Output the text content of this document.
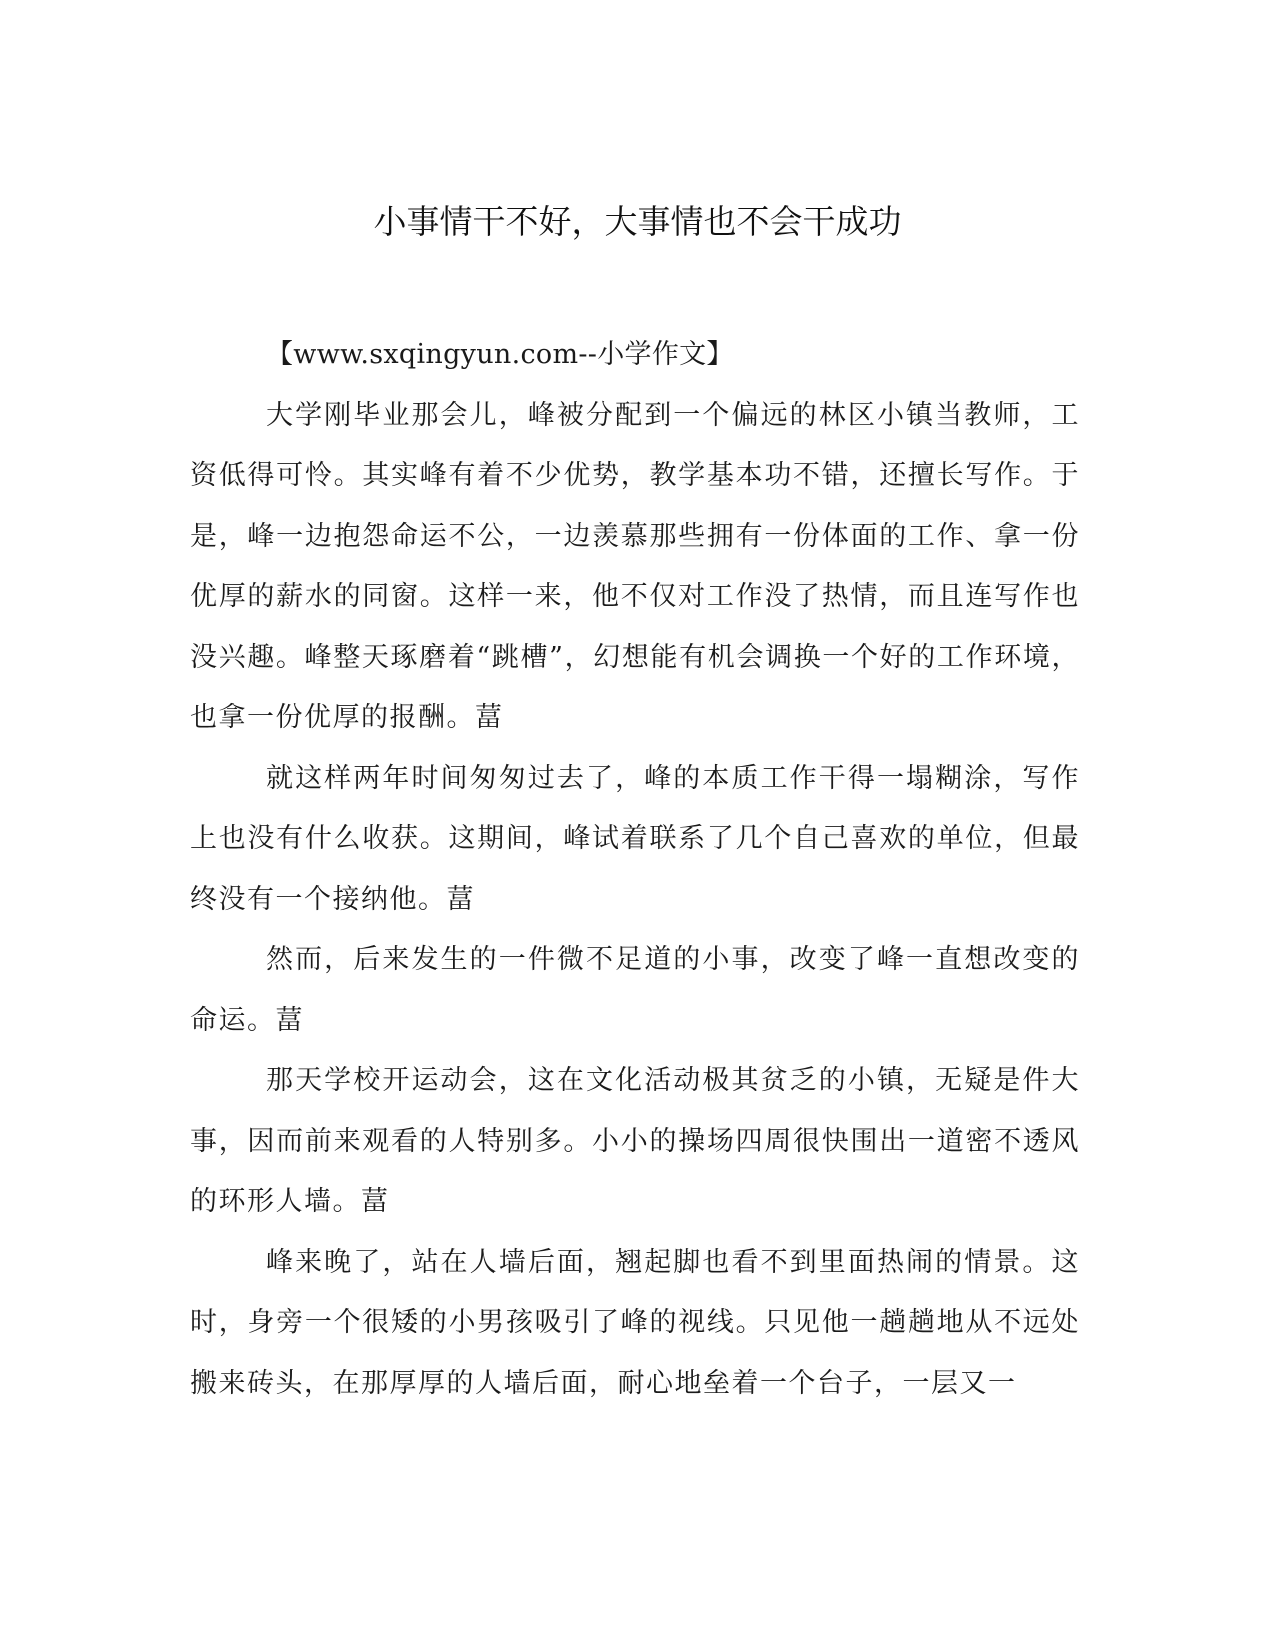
小事情干不好，大事情也不会干成功

【www.sxqingyun.com--小学作文】

大学刚毕业那会儿，峰被分配到一个偏远的林区小镇当教师，工资低得可怜。其实峰有着不少优势，教学基本功不错，还擅长写作。于是，峰一边抱怨命运不公，一边羡慕那些拥有一份体面的工作、拿一份优厚的薪水的同窗。这样一来，他不仅对工作没了热情，而且连写作也没兴趣。峰整天琢磨着“跳槽”，幻想能有机会调换一个好的工作环境，也拿一份优厚的报酬。葍

就这样两年时间匆匆过去了，峰的本质工作干得一塌糊涂，写作上也没有什么收获。这期间，峰试着联系了几个自己喜欢的单位，但最终没有一个接纳他。葍

然而，后来发生的一件微不足道的小事，改变了峰一直想改变的命运。葍

那天学校开运动会，这在文化活动极其贫乏的小镇，无疑是件大事，因而前来观看的人特别多。小小的操场四周很快围出一道密不透风的环形人墙。葍

峰来晚了，站在人墙后面，翘起脚也看不到里面热闹的情景。这时，身旁一个很矮的小男孩吸引了峰的视线。只见他一趟趟地从不远处搬来砖头，在那厚厚的人墙后面，耐心地垒着一个台子，一层又一
